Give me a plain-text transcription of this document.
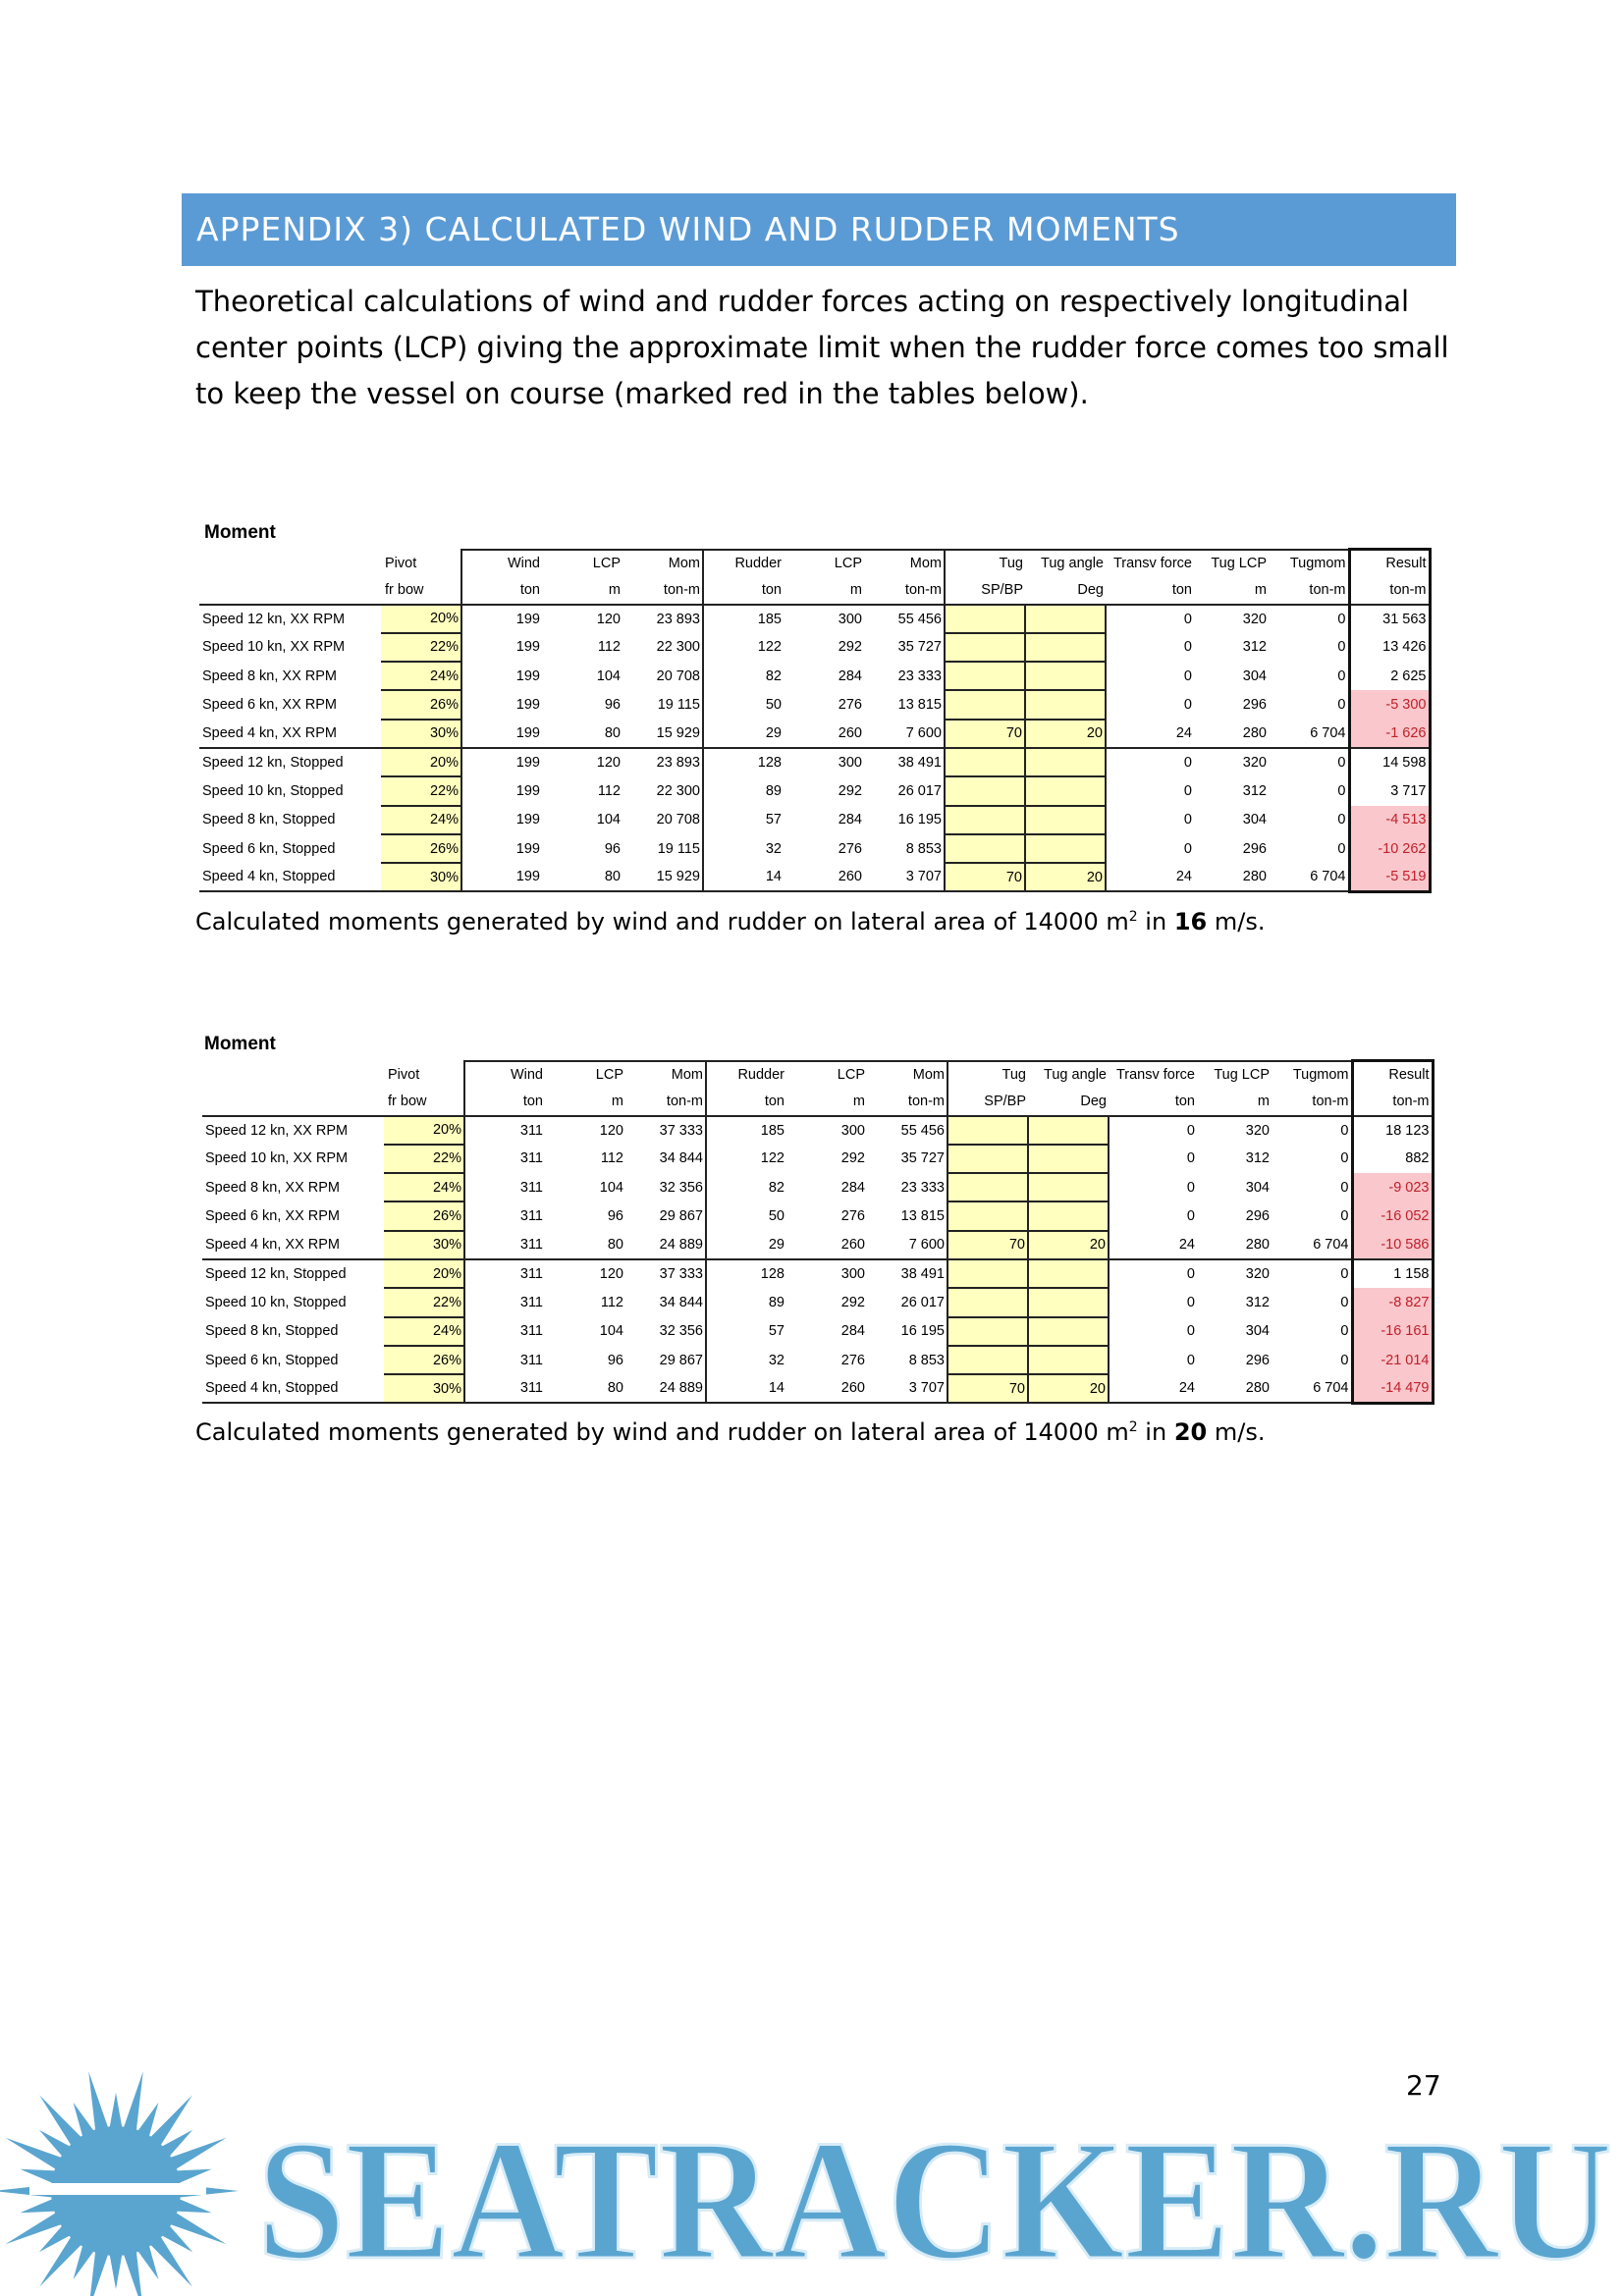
APPENDIX 3) CALCULATED WIND AND RUDDER MOMENTS
Theoretical calculations of wind and rudder forces acting on respectively longitudinal center points (LCP) giving the approximate limit when the rudder force comes too small to keep the vessel on course (marked red in the tables below).
Moment
	Pivot	Wind	LCP	Mom	Rudder	LCP	Mom	Tug	Tug angle	Transv force	Tug LCP	Tugmom	Result
	fr bow	ton	m	ton-m	ton	m	ton-m	SP/BP	Deg	ton	m	ton-m	ton-m
Speed 12 kn, XX RPM	20%	199	120	23 893	185	300	55 456			0	320	0	31 563
Speed 10 kn, XX RPM	22%	199	112	22 300	122	292	35 727			0	312	0	13 426
Speed 8 kn, XX RPM	24%	199	104	20 708	82	284	23 333			0	304	0	2 625
Speed 6 kn, XX RPM	26%	199	96	19 115	50	276	13 815			0	296	0	-5 300
Speed 4 kn, XX RPM	30%	199	80	15 929	29	260	7 600	70	20	24	280	6 704	-1 626
Speed 12 kn, Stopped	20%	199	120	23 893	128	300	38 491			0	320	0	14 598
Speed 10 kn, Stopped	22%	199	112	22 300	89	292	26 017			0	312	0	3 717
Speed 8 kn, Stopped	24%	199	104	20 708	57	284	16 195			0	304	0	-4 513
Speed 6 kn, Stopped	26%	199	96	19 115	32	276	8 853			0	296	0	-10 262
Speed 4 kn, Stopped	30%	199	80	15 929	14	260	3 707	70	20	24	280	6 704	-5 519
Calculated moments generated by wind and rudder on lateral area of 14000 $m^2$ in 16 m/s.
Moment
	Pivot	Wind	LCP	Mom	Rudder	LCP	Mom	Tug	Tug angle	Transv force	Tug LCP	Tugmom	Result
	fr bow	ton	m	ton-m	ton	m	ton-m	SP/BP	Deg	ton	m	ton-m	ton-m
Speed 12 kn, XX RPM	20%	311	120	37 333	185	300	55 456			0	320	0	18 123
Speed 10 kn, XX RPM	22%	311	112	34 844	122	292	35 727			0	312	0	882
Speed 8 kn, XX RPM	24%	311	104	32 356	82	284	23 333			0	304	0	-9 023
Speed 6 kn, XX RPM	26%	311	96	29 867	50	276	13 815			0	296	0	-16 052
Speed 4 kn, XX RPM	30%	311	80	24 889	29	260	7 600	70	20	24	280	6 704	-10 586
Speed 12 kn, Stopped	20%	311	120	37 333	128	300	38 491			0	320	0	1 158
Speed 10 kn, Stopped	22%	311	112	34 844	89	292	26 017			0	312	0	-8 827
Speed 8 kn, Stopped	24%	311	104	32 356	57	284	16 195			0	304	0	-16 161
Speed 6 kn, Stopped	26%	311	96	29 867	32	276	8 853			0	296	0	-21 014
Speed 4 kn, Stopped	30%	311	80	24 889	14	260	3 707	70	20	24	280	6 704	-14 479
Calculated moments generated by wind and rudder on lateral area of 14000 $m^2$ in 20 m/s.
27
SEATRACKER.RU
